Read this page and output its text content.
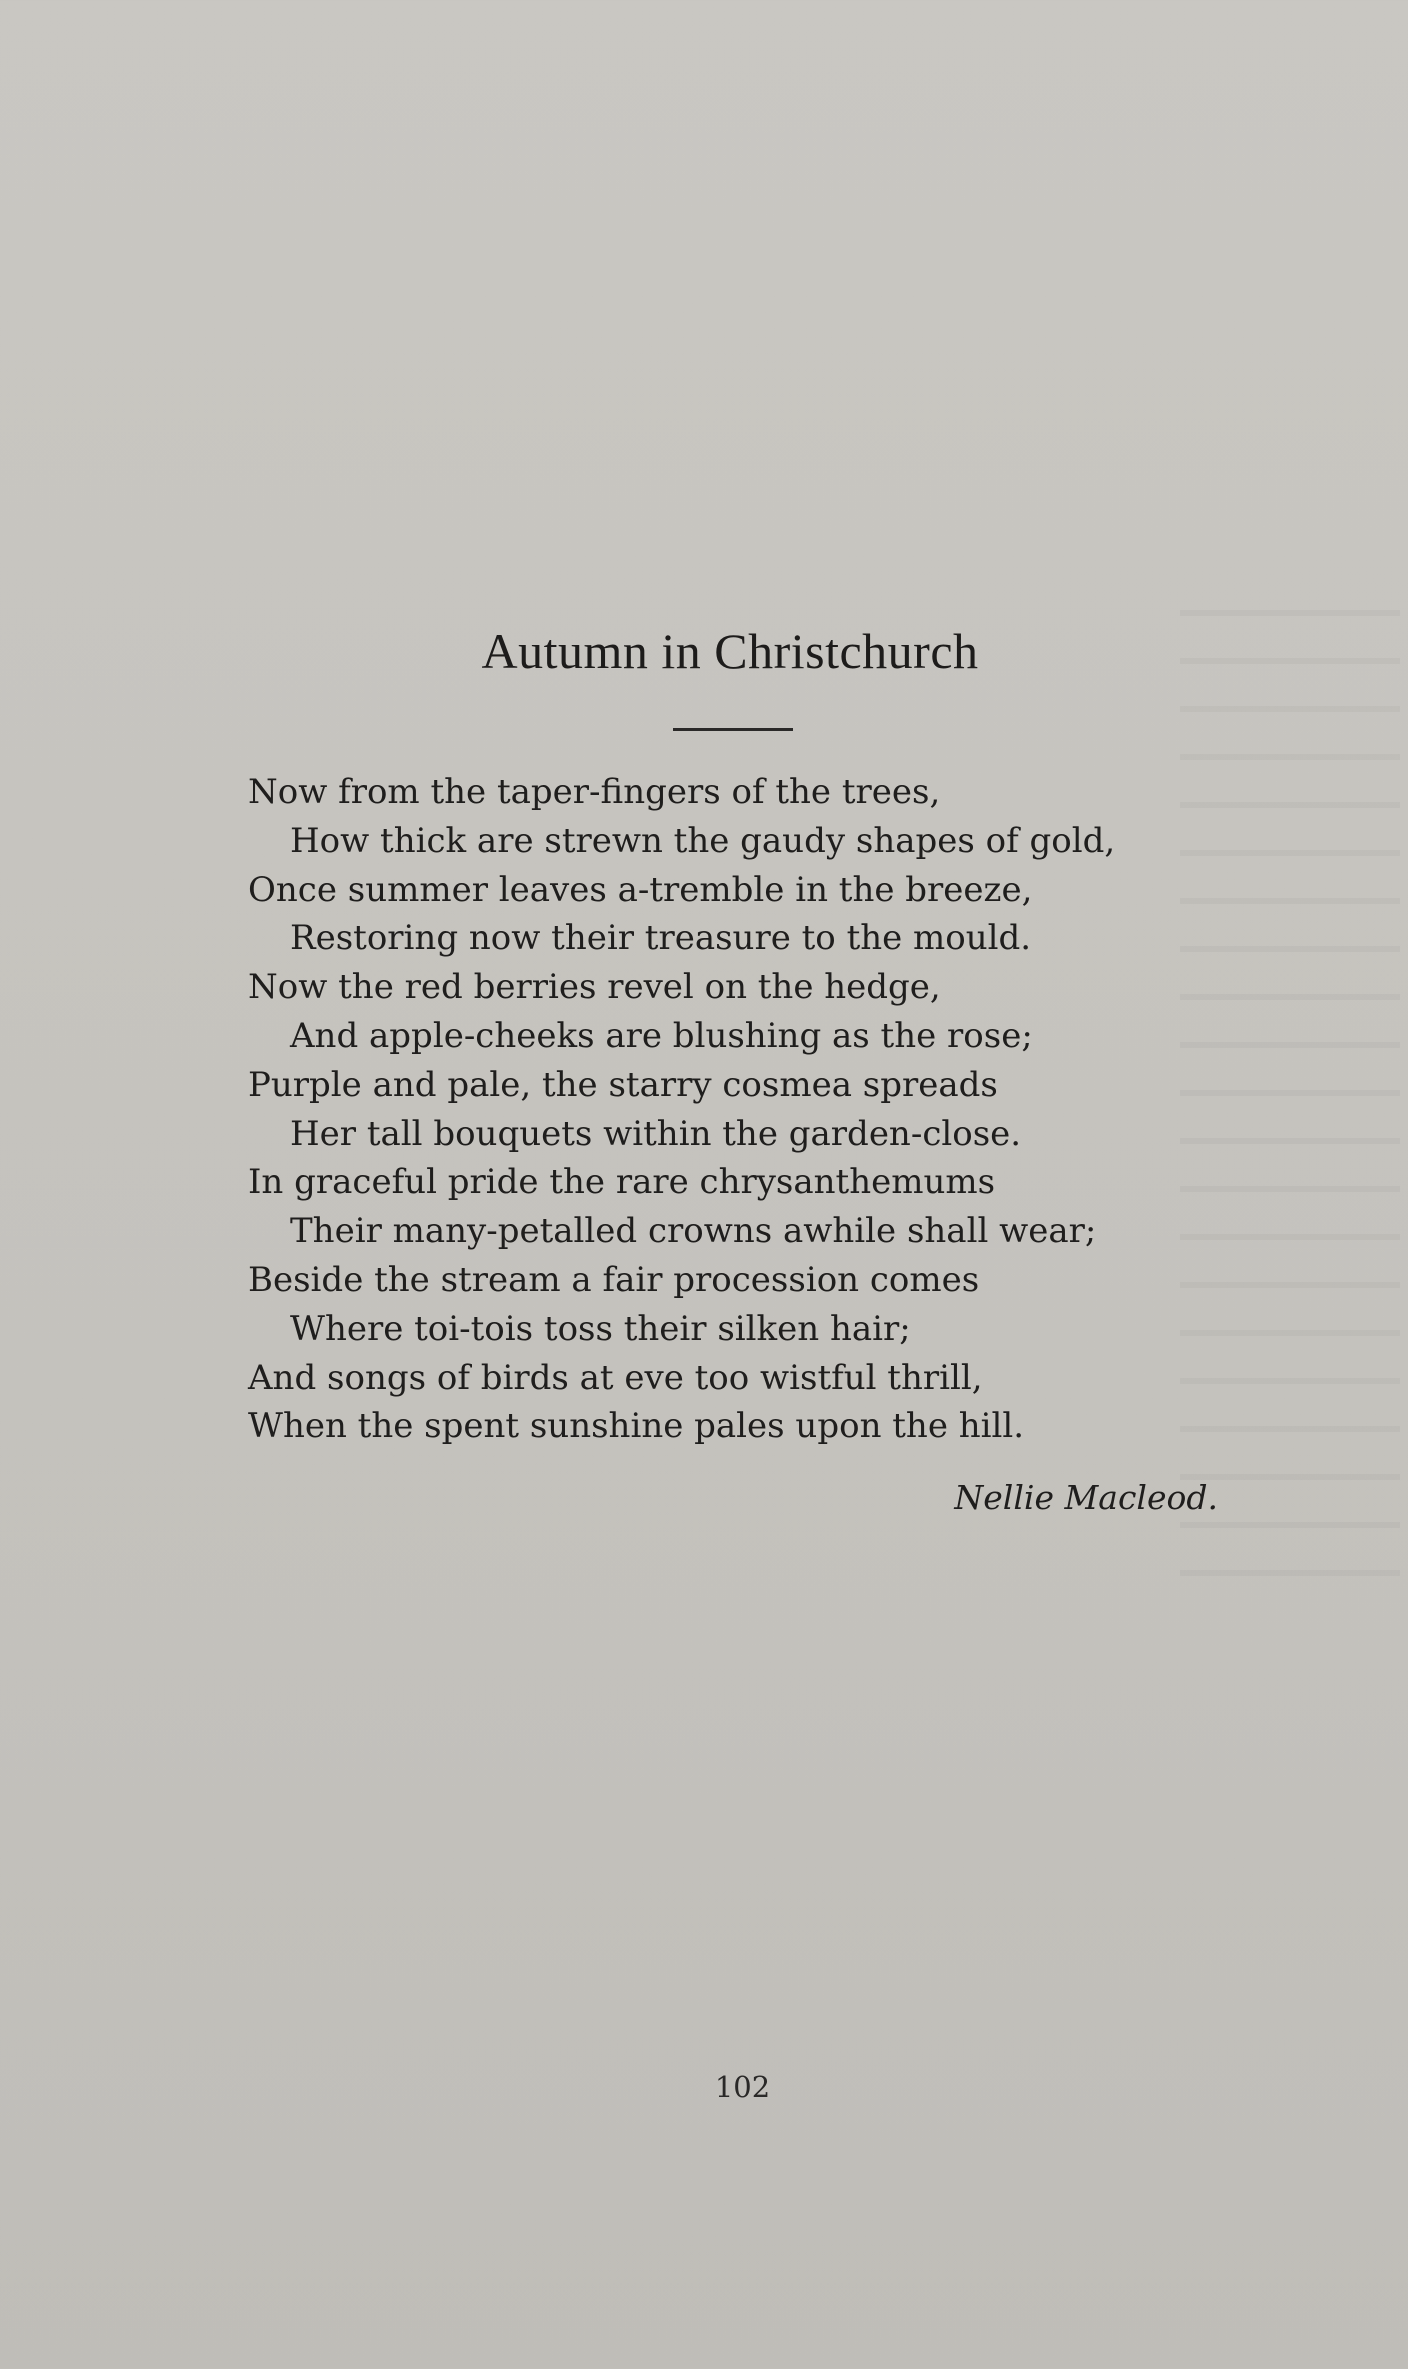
Autumn in Christchurch
Now from the taper-fingers of the trees,
How thick are strewn the gaudy shapes of gold,
Once summer leaves a-tremble in the breeze,
Restoring now their treasure to the mould.
Now the red berries revel on the hedge,
And apple-cheeks are blushing as the rose;
Purple and pale, the starry cosmea spreads
Her tall bouquets within the garden-close.
In graceful pride the rare chrysanthemums
Their many-petalled crowns awhile shall wear;
Beside the stream a fair procession comes
Where toi-tois toss their silken hair;
And songs of birds at eve too wistful thrill,
When the spent sunshine pales upon the hill.
Nellie Macleod.
102
